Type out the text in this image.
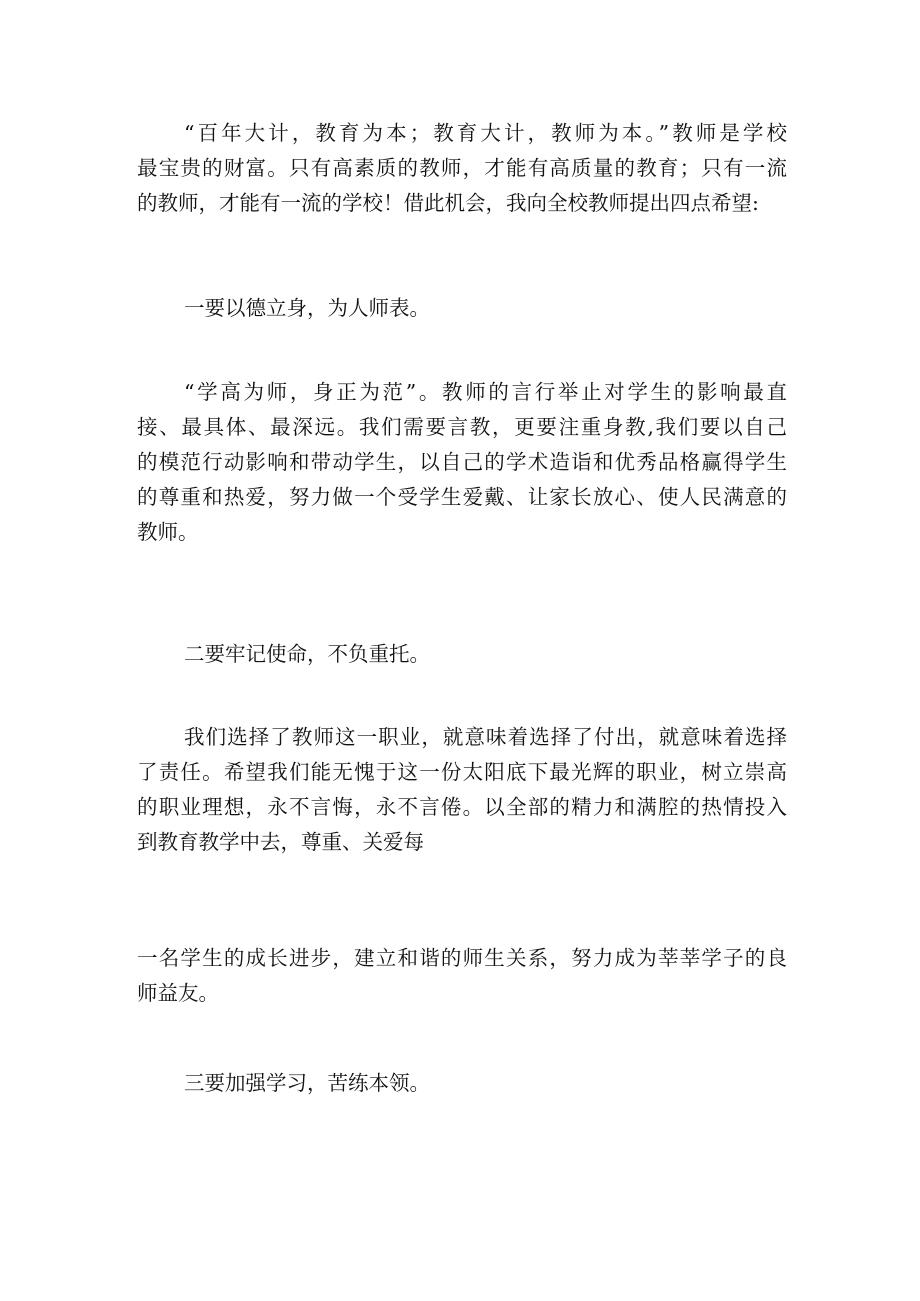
“百年大计，教育为本；教育大计，教师为本。”教师是学校
最宝贵的财富。只有高素质的教师，才能有高质量的教育；只有一流
的教师，才能有一流的学校！借此机会，我向全校教师提出四点希望:
一要以德立身，为人师表。
“学高为师，身正为范”。教师的言行举止对学生的影响最直
接、最具体、最深远。我们需要言教，更要注重身教,我们要以自己
的模范行动影响和带动学生，以自己的学术造诣和优秀品格赢得学生
的尊重和热爱，努力做一个受学生爱戴、让家长放心、使人民满意的
教师。
二要牢记使命，不负重托。
我们选择了教师这一职业，就意味着选择了付出，就意味着选择
了责任。希望我们能无愧于这一份太阳底下最光辉的职业，树立崇高
的职业理想，永不言悔，永不言倦。以全部的精力和满腔的热情投入
到教育教学中去，尊重、关爱每
一名学生的成长进步，建立和谐的师生关系，努力成为莘莘学子的良
师益友。
三要加强学习，苦练本领。
